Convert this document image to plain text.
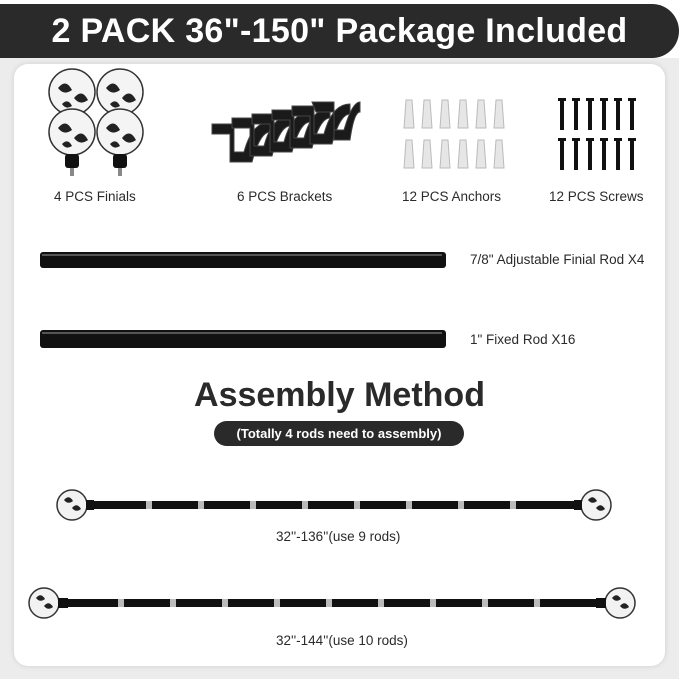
2 PACK 36"-150" Package Included
4 PCS Finials	6 PCS Brackets	12 PCS Anchors	12 PCS Screws
7/8" Adjustable Finial Rod X4
1" Fixed Rod X16
Assembly Method
(Totally 4 rods need to assembly)
32''-136''(use 9 rods)
32''-144''(use 10 rods)
